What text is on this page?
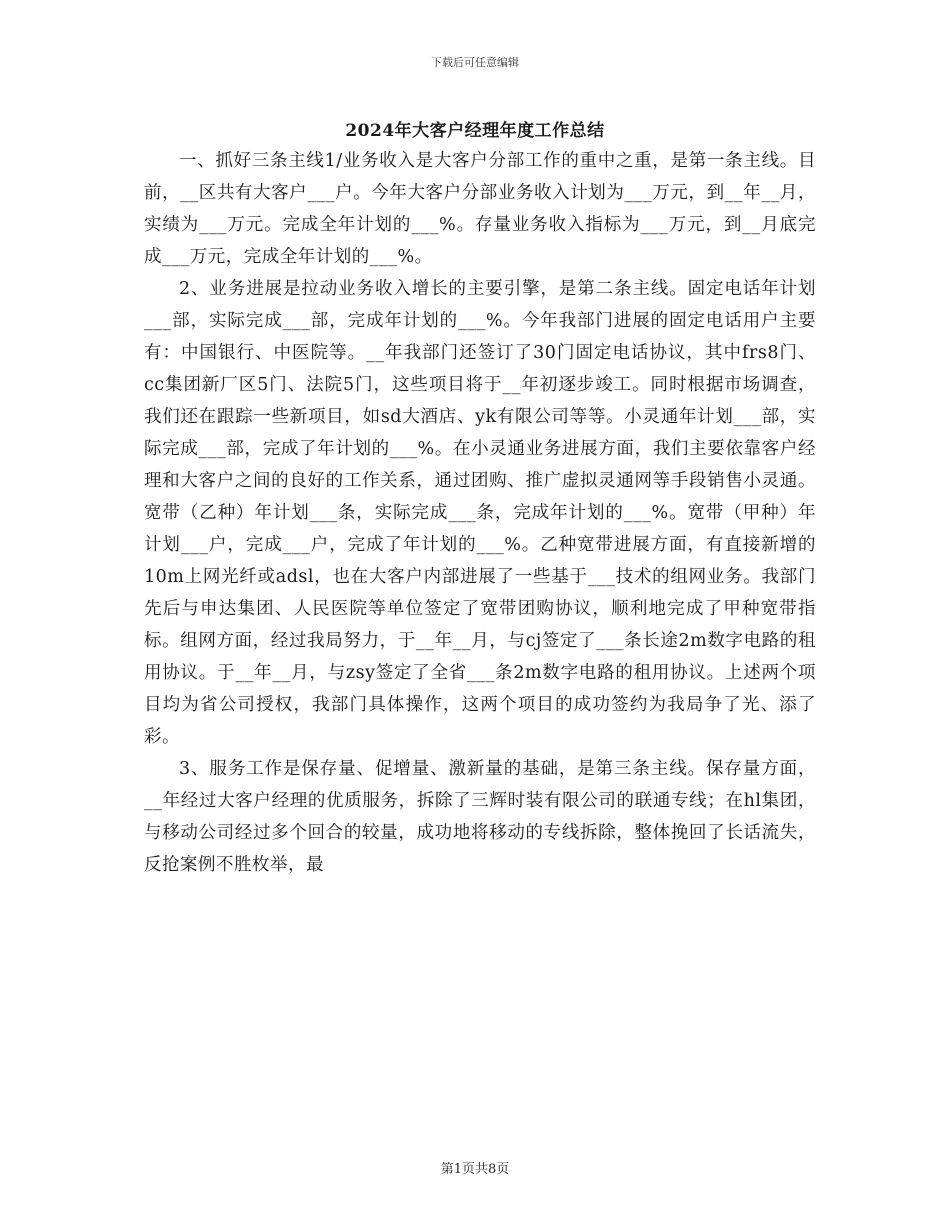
下载后可任意编辑
2024年大客户经理年度工作总结

一、抓好三条主线1/业务收入是大客户分部工作的重中之重，是第一条主线。目前，__区共有大客户___户。今年大客户分部业务收入计划为___万元，到__年__月，实绩为___万元。完成全年计划的___%。存量业务收入指标为___万元，到__月底完成___万元，完成全年计划的___%。

2、业务进展是拉动业务收入增长的主要引擎，是第二条主线。固定电话年计划___部，实际完成___部，完成年计划的___%。今年我部门进展的固定电话用户主要有：中国银行、中医院等。__年我部门还签订了30门固定电话协议，其中frs8门、cc集团新厂区5门、法院5门，这些项目将于__年初逐步竣工。同时根据市场调查，我们还在跟踪一些新项目，如sd大酒店、yk有限公司等等。小灵通年计划___部，实际完成___部，完成了年计划的___%。在小灵通业务进展方面，我们主要依靠客户经理和大客户之间的良好的工作关系，通过团购、推广虚拟灵通网等手段销售小灵通。宽带（乙种）年计划___条，实际完成___条，完成年计划的___%。宽带（甲种）年计划___户，完成___户，完成了年计划的___%。乙种宽带进展方面，有直接新增的10m上网光纤或adsl，也在大客户内部进展了一些基于___技术的组网业务。我部门先后与申达集团、人民医院等单位签定了宽带团购协议，顺利地完成了甲种宽带指标。组网方面，经过我局努力，于__年__月，与cj签定了___条长途2m数字电路的租用协议。于__年__月，与zsy签定了全省___条2m数字电路的租用协议。上述两个项目均为省公司授权，我部门具体操作，这两个项目的成功签约为我局争了光、添了彩。

3、服务工作是保存量、促增量、激新量的基础，是第三条主线。保存量方面，__年经过大客户经理的优质服务，拆除了三辉时装有限公司的联通专线；在hl集团，与移动公司经过多个回合的较量，成功地将移动的专线拆除，整体挽回了长话流失，反抢案例不胜枚举，最

第1页共8页
